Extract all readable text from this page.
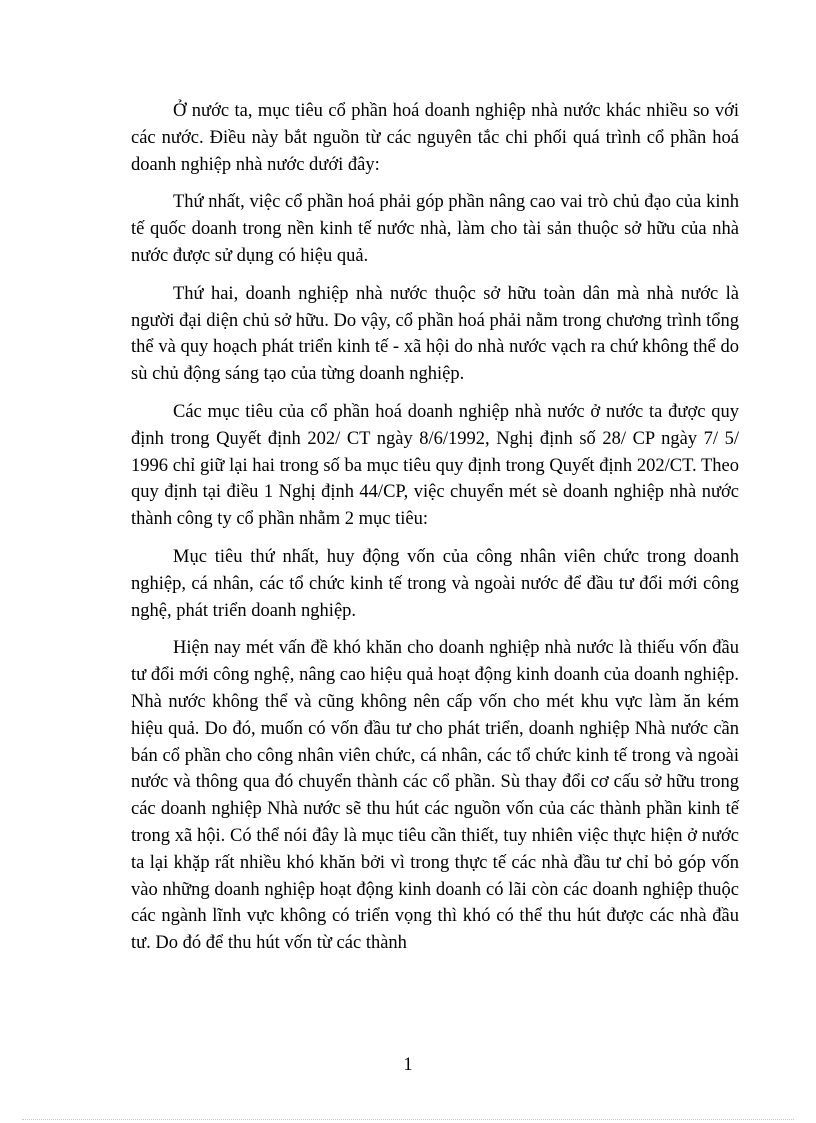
Ở nước ta, mục tiêu cổ phần hoá doanh nghiệp nhà nước khác nhiều so với các nước. Điều này bắt nguồn từ các nguyên tắc chi phối quá trình cổ phần hoá doanh nghiệp nhà nước dưới đây:

Thứ nhất, việc cổ phần hoá phải góp phần nâng cao vai trò chủ đạo của kinh tế quốc doanh trong nền kinh tế nước nhà, làm cho tài sản thuộc sở hữu của nhà nước được sử dụng có hiệu quả.

Thứ hai, doanh nghiệp nhà nước thuộc sở hữu toàn dân mà nhà nước là người đại diện chủ sở hữu. Do vậy, cổ phần hoá phải nằm trong chương trình tổng thể và quy hoạch phát triển kinh tế - xã hội do nhà nước vạch ra chứ không thể do sù chủ động sáng tạo của từng doanh nghiệp.

Các mục tiêu của cổ phần hoá doanh nghiệp nhà nước ở nước ta được quy định trong Quyết định 202/ CT ngày 8/6/1992, Nghị định số 28/ CP ngày 7/ 5/ 1996 chỉ giữ lại hai trong số ba mục tiêu quy định trong Quyết định 202/CT. Theo quy định tại điều 1 Nghị định 44/CP, việc chuyển mét sè doanh nghiệp nhà nước thành công ty cổ phần nhằm 2 mục tiêu:

Mục tiêu thứ nhất, huy động vốn của công nhân viên chức trong doanh nghiệp, cá nhân, các tổ chức kinh tế trong và ngoài nước để đầu tư đổi mới công nghệ, phát triển doanh nghiệp.

Hiện nay mét vấn đề khó khăn cho doanh nghiệp nhà nước là thiếu vốn đầu tư đổi mới công nghệ, nâng cao hiệu quả hoạt động kinh doanh của doanh nghiệp. Nhà nước không thể và cũng không nên cấp vốn cho mét khu vực làm ăn kém hiệu quả. Do đó, muốn có vốn đầu tư cho phát triển, doanh nghiệp Nhà nước cần bán cổ phần cho công nhân viên chức, cá nhân, các tổ chức kinh tế trong và ngoài nước và thông qua đó chuyển thành các cổ phần. Sù thay đổi cơ cấu sở hữu trong các doanh nghiệp Nhà nước sẽ thu hút các nguồn vốn của các thành phần kinh tế trong xã hội. Có thể nói đây là mục tiêu cần thiết, tuy nhiên việc thực hiện ở nước ta lại khặp rất nhiều khó khăn bởi vì trong thực tế các nhà đầu tư chỉ bỏ góp vốn vào những doanh nghiệp hoạt động kinh doanh có lãi còn các doanh nghiệp thuộc các ngành lĩnh vực không có triển vọng thì khó có thể thu hút được các nhà đầu tư. Do đó để thu hút vốn từ các thành

1
